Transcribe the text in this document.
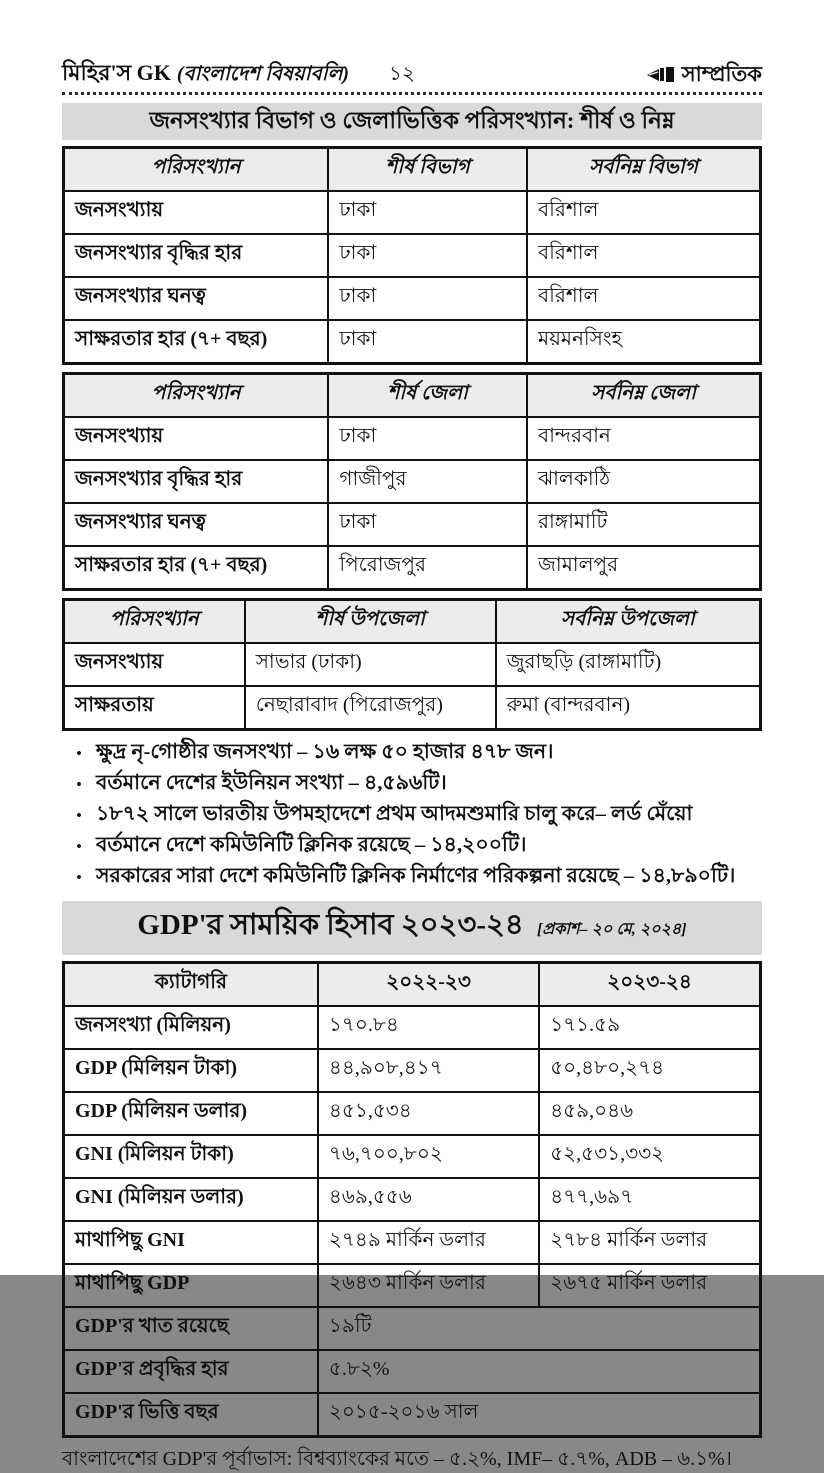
মিহির'স GK (বাংলাদেশ বিষয়াবলি) ১২	সাম্প্রতিক
জনসংখ্যার বিভাগ ও জেলাভিত্তিক পরিসংখ্যান: শীর্ষ ও নিম্ন
পরিসংখ্যান	শীর্ষ বিভাগ	সর্বনিম্ন বিভাগ
জনসংখ্যায়	ঢাকা	বরিশাল
জনসংখ্যার বৃদ্ধির হার	ঢাকা	বরিশাল
জনসংখ্যার ঘনত্ব	ঢাকা	বরিশাল
সাক্ষরতার হার (৭+ বছর)	ঢাকা	ময়মনসিংহ
পরিসংখ্যান	শীর্ষ জেলা	সর্বনিম্ন জেলা
জনসংখ্যায়	ঢাকা	বান্দরবান
জনসংখ্যার বৃদ্ধির হার	গাজীপুর	ঝালকাঠি
জনসংখ্যার ঘনত্ব	ঢাকা	রাঙ্গামাটি
সাক্ষরতার হার (৭+ বছর)	পিরোজপুর	জামালপুর
পরিসংখ্যান	শীর্ষ উপজেলা	সর্বনিম্ন উপজেলা
জনসংখ্যায়	সাভার (ঢাকা)	জুরাছড়ি (রাঙ্গামাটি)
সাক্ষরতায়	নেছারাবাদ (পিরোজপুর)	রুমা (বান্দরবান)
• ক্ষুদ্র নৃ-গোষ্ঠীর জনসংখ্যা – ১৬ লক্ষ ৫০ হাজার ৪৭৮ জন।
• বর্তমানে দেশের ইউনিয়ন সংখ্যা – ৪,৫৯৬টি।
• ১৮৭২ সালে ভারতীয় উপমহাদেশে প্রথম আদমশুমারি চালু করে– লর্ড মেঁয়ো
• বর্তমানে দেশে কমিউনিটি ক্লিনিক রয়েছে – ১৪,২০০টি।
• সরকারের সারা দেশে কমিউনিটি ক্লিনিক নির্মাণের পরিকল্পনা রয়েছে – ১৪,৮৯০টি।
GDP'র সাময়িক হিসাব ২০২৩-২৪ [প্রকাশ– ২০ মে, ২০২৪]
ক্যাটাগরি	২০২২-২৩	২০২৩-২৪
জনসংখ্যা (মিলিয়ন)	১৭০.৮৪	১৭১.৫৯
GDP (মিলিয়ন টাকা)	৪৪,৯০৮,৪১৭	৫০,৪৮০,২৭৪
GDP (মিলিয়ন ডলার)	৪৫১,৫৩৪	৪৫৯,০৪৬
GNI (মিলিয়ন টাকা)	৭৬,৭০০,৮০২	৫২,৫৩১,৩৩২
GNI (মিলিয়ন ডলার)	৪৬৯,৫৫৬	৪৭৭,৬৯৭
মাথাপিছু GNI	২৭৪৯ মার্কিন ডলার	২৭৮৪ মার্কিন ডলার
মাথাপিছু GDP	২৬৪৩ মার্কিন ডলার	২৬৭৫ মার্কিন ডলার
GDP'র খাত রয়েছে	১৯টি	
GDP'র প্রবৃদ্ধির হার	৫.৮২%	
GDP'র ভিত্তি বছর	২০১৫-২০১৬ সাল	
বাংলাদেশের GDP'র পূর্বাভাস: বিশ্বব্যাংকের মতে – ৫.২%, IMF– ৫.৭%, ADB – ৬.১%।
